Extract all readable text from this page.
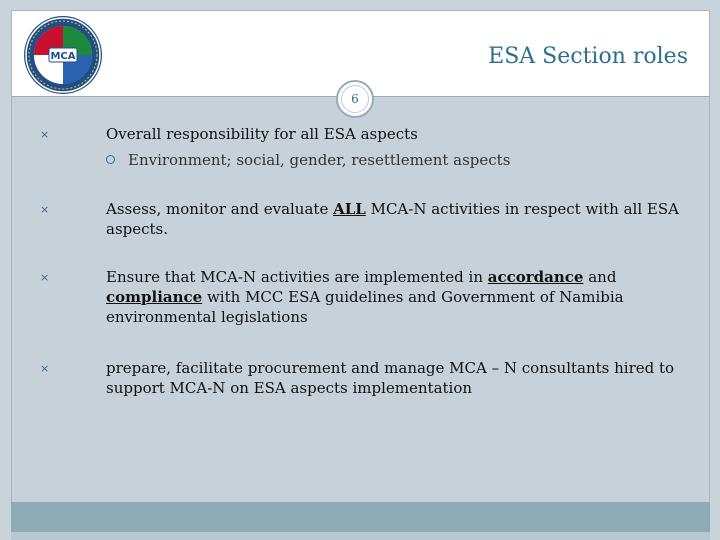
MCA	ESA Section roles
6
×	Overall responsibility for all ESA aspects
Environment; social, gender, resettlement aspects
×	Assess, monitor and evaluate ALL MCA-N activities in respect with all ESA aspects.
×	Ensure that MCA-N activities are implemented in accordance and compliance with MCC ESA guidelines and Government of Namibia environmental legislations
×	prepare, facilitate procurement and manage MCA – N consultants hired to support MCA-N on ESA aspects implementation
